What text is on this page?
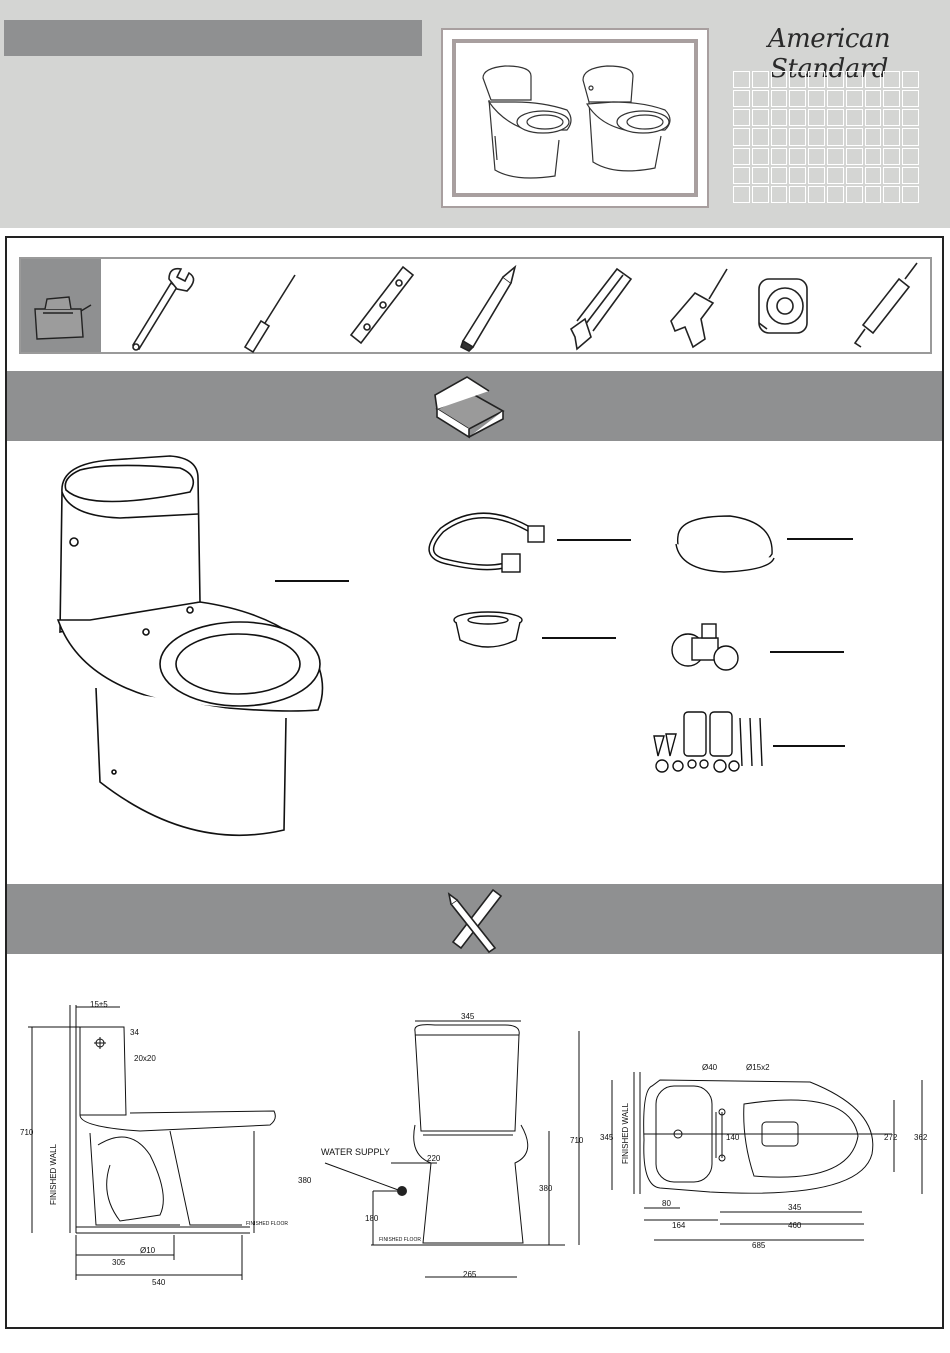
American Standard
15±5
34
20x20
710
FINISHED WALL	380
FINISHED FLOOR
Ø10
305
540
345
710
WATER SUPPLY
220
380
180
FINISHED FLOOR
265
Ø40	Ø15x2
345 FINISHED WALL	140	272 362
80	345
164	460
685
